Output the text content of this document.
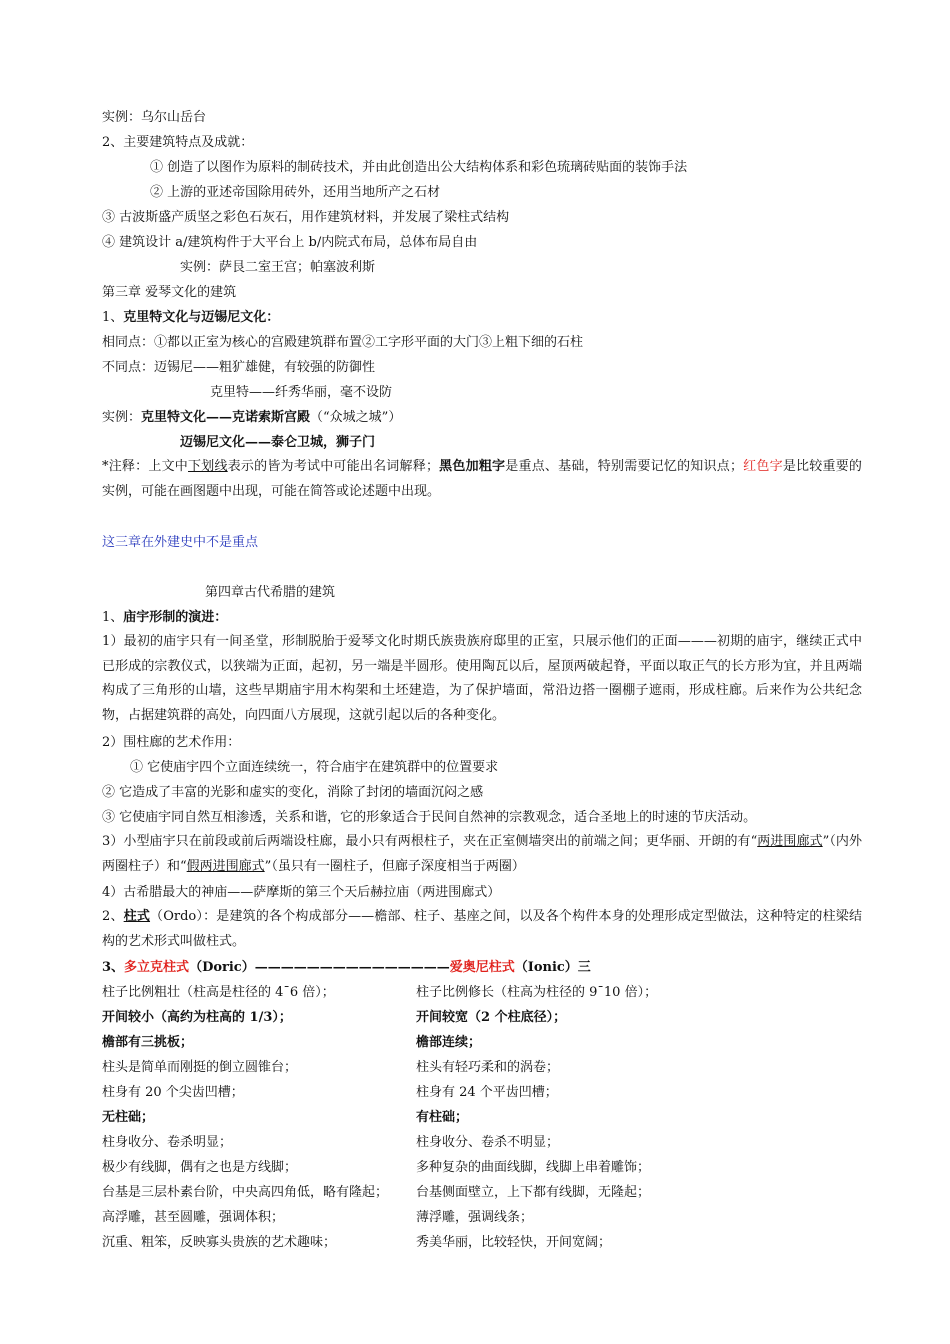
实例：乌尔山岳台
2、主要建筑特点及成就：
① 创造了以图作为原料的制砖技术，并由此创造出公大结构体系和彩色琉璃砖贴面的装饰手法
② 上游的亚述帝国除用砖外，还用当地所产之石材
③ 古波斯盛产质坚之彩色石灰石，用作建筑材料，并发展了梁柱式结构
④ 建筑设计 a/建筑构件于大平台上 b/内院式布局，总体布局自由
实例：萨艮二室王宫；帕塞波利斯
第三章 爱琴文化的建筑
1、克里特文化与迈锡尼文化：
相同点：①都以正室为核心的宫殿建筑群布置②工字形平面的大门③上粗下细的石柱
不同点：迈锡尼——粗犷雄健，有较强的防御性
克里特——纤秀华丽，毫不设防
实例：克里特文化——克诺索斯宫殿（“众城之城”）
迈锡尼文化——泰仑卫城，狮子门
*注释：上文中下划线表示的皆为考试中可能出名词解释；黑色加粗字是重点、基础，特别需要记忆的知识点；红色字是比较重要的实例，可能在画图题中出现，可能在简答或论述题中出现。
这三章在外建史中不是重点
第四章古代希腊的建筑
1、庙宇形制的演进：
1）最初的庙宇只有一间圣堂，形制脱胎于爱琴文化时期氏族贵族府邸里的正室，只展示他们的正面———初期的庙宇，继续正式中已形成的宗教仪式，以狭端为正面，起初，另一端是半圆形。使用陶瓦以后，屋顶两破起脊，平面以取正气的长方形为宜，并且两端构成了三角形的山墙，这些早期庙宇用木构架和土坯建造，为了保护墙面，常沿边搭一圈棚子遮雨，形成柱廊。后来作为公共纪念物，占据建筑群的高处，向四面八方展现，这就引起以后的各种变化。
2）围柱廊的艺术作用：
① 它使庙宇四个立面连续统一，符合庙宇在建筑群中的位置要求
② 它造成了丰富的光影和虚实的变化，消除了封闭的墙面沉闷之感
③ 它使庙宇同自然互相渗透，关系和谐，它的形象适合于民间自然神的宗教观念，适合圣地上的时速的节庆活动。
3）小型庙宇只在前段或前后两端设柱廊，最小只有两根柱子，夹在正室侧墙突出的前端之间；更华丽、开朗的有“两进围廊式”（内外两圈柱子）和“假两进围廊式”（虽只有一圈柱子，但廊子深度相当于两圈）
4）古希腊最大的神庙——萨摩斯的第三个天后赫拉庙（两进围廊式）
2、柱式（Ordo）：是建筑的各个构成部分——檐部、柱子、基座之间，以及各个构件本身的处理形成定型做法，这种特定的柱梁结构的艺术形式叫做柱式。
3、多立克柱式（Doric）———————————————爱奥尼柱式（Ionic）三
柱子比例粗壮（柱高是柱径的 4¯6 倍）；
开间较小（高约为柱高的 1/3）；
檐部有三挑板；
柱头是简单而刚挺的倒立圆锥台；
柱身有 20 个尖齿凹槽；
无柱础；
柱身收分、卷杀明显；
极少有线脚，偶有之也是方线脚；
台基是三层朴素台阶，中央高四角低，略有隆起；
高浮雕，甚至圆雕，强调体积；
沉重、粗笨，反映寡头贵族的艺术趣味；
柱子比例修长（柱高为柱径的 9¯10 倍）；
开间较宽（2 个柱底径）；
檐部连续；
柱头有轻巧柔和的涡卷；
柱身有 24 个平齿凹槽；
有柱础；
柱身收分、卷杀不明显；
多种复杂的曲面线脚，线脚上串着雕饰；
台基侧面壁立，上下都有线脚，无隆起；
薄浮雕，强调线条；
秀美华丽，比较轻快，开间宽阔；
